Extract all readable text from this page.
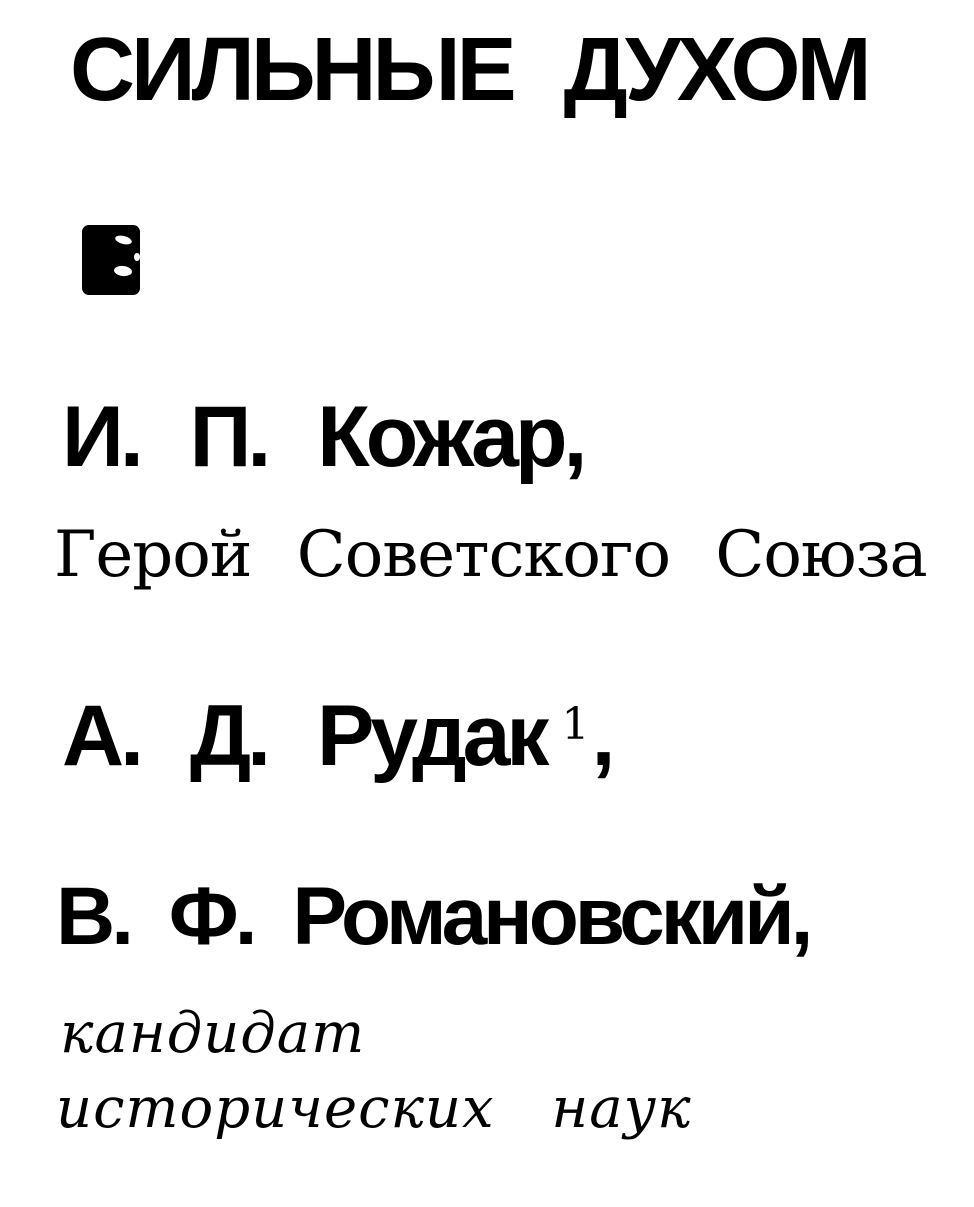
СИЛЬНЫЕ ДУХОМ

И. П. Кожар,

Герой Советского Союза

А. Д. Рудак $^1$,

В. Ф. Романовский,

кандидат

исторических наук
